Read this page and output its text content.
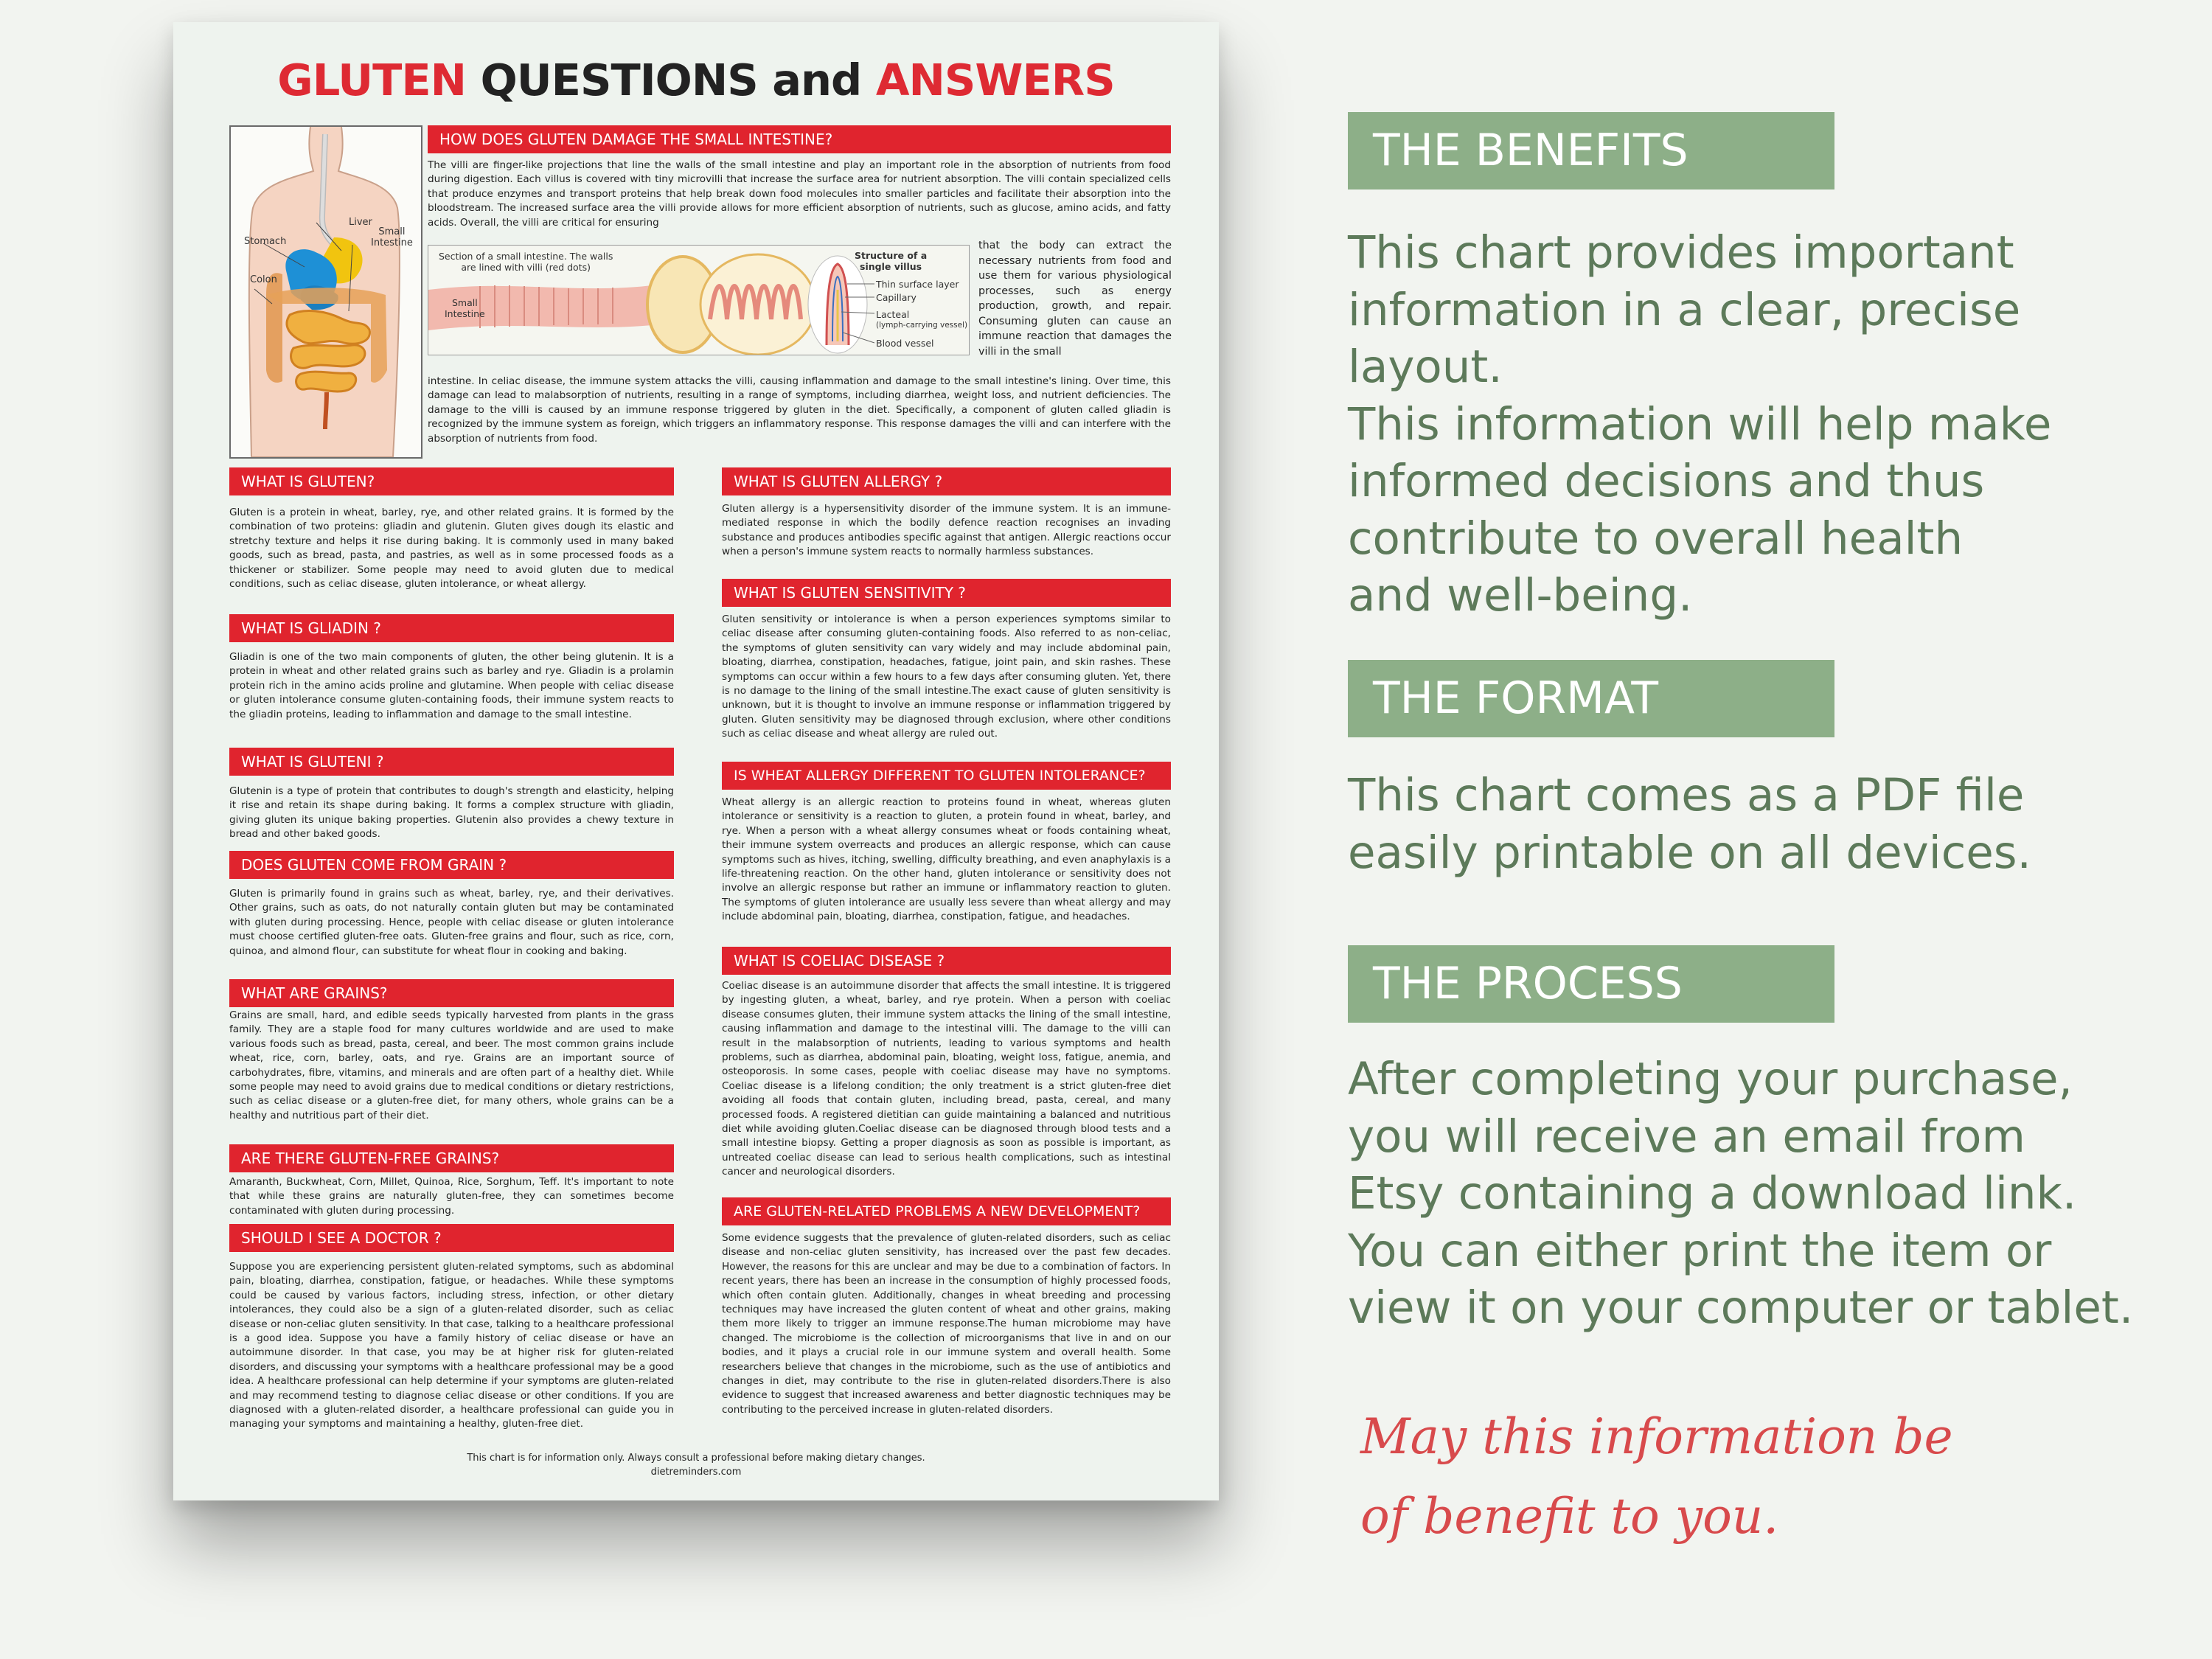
GLUTEN QUESTIONS and ANSWERS
Stomach
Liver
Small
Intestine
Colon
HOW DOES GLUTEN DAMAGE THE SMALL INTESTINE?

The villi are finger-like projections that line the walls of the small intestine and play an important role in the absorption of nutrients from food during digestion. Each villus is covered with tiny microvilli that increase the surface area for nutrient absorption. The villi contain specialized cells that produce enzymes and transport proteins that help break down food molecules into smaller particles and facilitate their absorption into the bloodstream. The increased surface area the villi provide allows for more efficient absorption of nutrients, such as glucose, amino acids, and fatty acids. Overall, the villi are critical for ensuring

Section of a small intestine. The walls
are lined with villi (red dots)
Small
Intestine
Structure of a
single villus
Thin surface layer
Capillary
Lacteal
(lymph-carrying vessel)
Blood vessel

that the body can extract the necessary nutrients from food and use them for various physiological processes, such as energy production, growth, and repair. Consuming gluten can cause an immune reaction that damages the villi in the small

intestine. In celiac disease, the immune system attacks the villi, causing inflammation and damage to the small intestine's lining. Over time, this damage can lead to malabsorption of nutrients, resulting in a range of symptoms, including diarrhea, weight loss, and nutrient deficiencies. The damage to the villi is caused by an immune response triggered by gluten in the diet. Specifically, a component of gluten called gliadin is recognized by the immune system as foreign, which triggers an inflammatory response. This response damages the villi and can interfere with the absorption of nutrients from food.

WHAT IS GLUTEN?

Gluten is a protein in wheat, barley, rye, and other related grains. It is formed by the combination of two proteins: gliadin and glutenin. Gluten gives dough its elastic and stretchy texture and helps it rise during baking. It is commonly used in many baked goods, such as bread, pasta, and pastries, as well as in some processed foods as a thickener or stabilizer. Some people may need to avoid gluten due to medical conditions, such as celiac disease, gluten intolerance, or wheat allergy.

WHAT IS GLIADIN ?

Gliadin is one of the two main components of gluten, the other being glutenin. It is a protein in wheat and other related grains such as barley and rye. Gliadin is a prolamin protein rich in the amino acids proline and glutamine. When people with celiac disease or gluten intolerance consume gluten-containing foods, their immune system reacts to the gliadin proteins, leading to inflammation and damage to the small intestine.

WHAT IS GLUTENI ?

Glutenin is a type of protein that contributes to dough's strength and elasticity, helping it rise and retain its shape during baking. It forms a complex structure with gliadin, giving gluten its unique baking properties. Glutenin also provides a chewy texture in bread and other baked goods.

DOES GLUTEN COME FROM GRAIN ?

Gluten is primarily found in grains such as wheat, barley, rye, and their derivatives. Other grains, such as oats, do not naturally contain gluten but may be contaminated with gluten during processing. Hence, people with celiac disease or gluten intolerance must choose certified gluten-free oats. Gluten-free grains and flour, such as rice, corn, quinoa, and almond flour, can substitute for wheat flour in cooking and baking.

WHAT ARE GRAINS?

Grains are small, hard, and edible seeds typically harvested from plants in the grass family. They are a staple food for many cultures worldwide and are used to make various foods such as bread, pasta, cereal, and beer. The most common grains include wheat, rice, corn, barley, oats, and rye. Grains are an important source of carbohydrates, fibre, vitamins, and minerals and are often part of a healthy diet. While some people may need to avoid grains due to medical conditions or dietary restrictions, such as celiac disease or a gluten-free diet, for many others, whole grains can be a healthy and nutritious part of their diet.

ARE THERE GLUTEN-FREE GRAINS?

Amaranth, Buckwheat, Corn, Millet, Quinoa, Rice, Sorghum, Teff. It's important to note that while these grains are naturally gluten-free, they can sometimes become contaminated with gluten during processing.

SHOULD I SEE A DOCTOR ?

Suppose you are experiencing persistent gluten-related symptoms, such as abdominal pain, bloating, diarrhea, constipation, fatigue, or headaches. While these symptoms could be caused by various factors, including stress, infection, or other dietary intolerances, they could also be a sign of a gluten-related disorder, such as celiac disease or non-celiac gluten sensitivity. In that case, talking to a healthcare professional is a good idea. Suppose you have a family history of celiac disease or have an autoimmune disorder. In that case, you may be at higher risk for gluten-related disorders, and discussing your symptoms with a healthcare professional may be a good idea. A healthcare professional can help determine if your symptoms are gluten-related and may recommend testing to diagnose celiac disease or other conditions. If you are diagnosed with a gluten-related disorder, a healthcare professional can guide you in managing your symptoms and maintaining a healthy, gluten-free diet.

WHAT IS GLUTEN ALLERGY ?

Gluten allergy is a hypersensitivity disorder of the immune system. It is an immune-mediated response in which the bodily defence reaction recognises an invading substance and produces antibodies specific against that antigen. Allergic reactions occur when a person's immune system reacts to normally harmless substances.

WHAT IS GLUTEN SENSITIVITY ?

Gluten sensitivity or intolerance is when a person experiences symptoms similar to celiac disease after consuming gluten-containing foods. Also referred to as non-celiac, the symptoms of gluten sensitivity can vary widely and may include abdominal pain, bloating, diarrhea, constipation, headaches, fatigue, joint pain, and skin rashes. These symptoms can occur within a few hours to a few days after consuming gluten. Yet, there is no damage to the lining of the small intestine.The exact cause of gluten sensitivity is unknown, but it is thought to involve an immune response or inflammation triggered by gluten. Gluten sensitivity may be diagnosed through exclusion, where other conditions such as celiac disease and wheat allergy are ruled out.

IS WHEAT ALLERGY DIFFERENT TO GLUTEN INTOLERANCE?

Wheat allergy is an allergic reaction to proteins found in wheat, whereas gluten intolerance or sensitivity is a reaction to gluten, a protein found in wheat, barley, and rye. When a person with a wheat allergy consumes wheat or foods containing wheat, their immune system overreacts and produces an allergic response, which can cause symptoms such as hives, itching, swelling, difficulty breathing, and even anaphylaxis is a life-threatening reaction. On the other hand, gluten intolerance or sensitivity does not involve an allergic response but rather an immune or inflammatory reaction to gluten. The symptoms of gluten intolerance are usually less severe than wheat allergy and may include abdominal pain, bloating, diarrhea, constipation, fatigue, and headaches.

WHAT IS COELIAC DISEASE ?

Coeliac disease is an autoimmune disorder that affects the small intestine. It is triggered by ingesting gluten, a wheat, barley, and rye protein. When a person with coeliac disease consumes gluten, their immune system attacks the lining of the small intestine, causing inflammation and damage to the intestinal villi. The damage to the villi can result in the malabsorption of nutrients, leading to various symptoms and health problems, such as diarrhea, abdominal pain, bloating, weight loss, fatigue, anemia, and osteoporosis. In some cases, people with coeliac disease may have no symptoms. Coeliac disease is a lifelong condition; the only treatment is a strict gluten-free diet avoiding all foods that contain gluten, including bread, pasta, cereal, and many processed foods. A registered dietitian can guide maintaining a balanced and nutritious diet while avoiding gluten.Coeliac disease can be diagnosed through blood tests and a small intestine biopsy. Getting a proper diagnosis as soon as possible is important, as untreated coeliac disease can lead to serious health complications, such as intestinal cancer and neurological disorders.

ARE GLUTEN-RELATED PROBLEMS A NEW DEVELOPMENT?

Some evidence suggests that the prevalence of gluten-related disorders, such as celiac disease and non-celiac gluten sensitivity, has increased over the past few decades. However, the reasons for this are unclear and may be due to a combination of factors. In recent years, there has been an increase in the consumption of highly processed foods, which often contain gluten. Additionally, changes in wheat breeding and processing techniques may have increased the gluten content of wheat and other grains, making them more likely to trigger an immune response.The human microbiome may have changed. The microbiome is the collection of microorganisms that live in and on our bodies, and it plays a crucial role in our immune system and overall health. Some researchers believe that changes in the microbiome, such as the use of antibiotics and changes in diet, may contribute to the rise in gluten-related disorders.There is also evidence to suggest that increased awareness and better diagnostic techniques may be contributing to the perceived increase in gluten-related disorders.

This chart is for information only. Always consult a professional before making dietary changes.
dietreminders.com
THE BENEFITS

This chart provides important
information in a clear, precise
layout.
This information will help make
informed decisions and thus
contribute to overall health
and well-being.

THE FORMAT

This chart comes as a PDF file
easily printable on all devices.

THE PROCESS

After completing your purchase,
you will receive an email from
Etsy containing a download link.
You can either print the item or
view it on your computer or tablet.

May this information be
of benefit to you.
